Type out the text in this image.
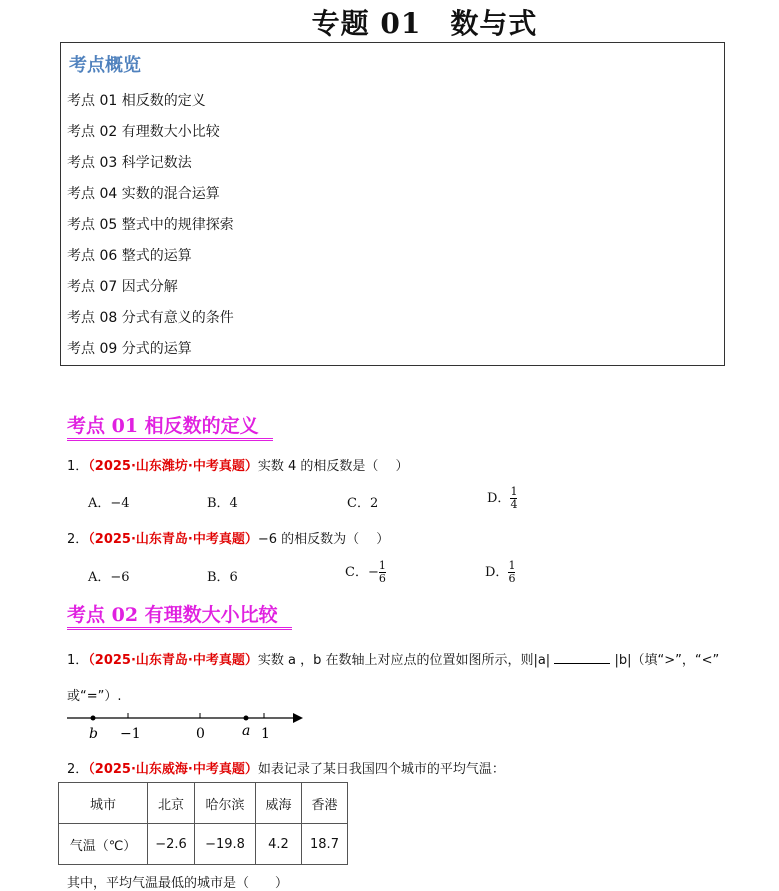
专题 01　数与式
考点概览
考点 01 相反数的定义
考点 02 有理数大小比较
考点 03 科学记数法
考点 04 实数的混合运算
考点 05 整式中的规律探索
考点 06 整式的运算
考点 07 因式分解
考点 08 分式有意义的条件
考点 09 分式的运算
考点 01 相反数的定义
1．（2025·山东潍坊·中考真题）实数 4 的相反数是（　 ）
A．−4	B．4	C．2	D． $\frac{1}{4}$
2．（2025·山东青岛·中考真题）−6 的相反数为（　 ）
A．−6	B．6	C．− $\frac{1}{6}$	D． $\frac{1}{6}$
考点 02 有理数大小比较
1．（2025·山东青岛·中考真题）实数 a ，b 在数轴上对应点的位置如图所示，则|a|	|b|（填“>”，“<”
或“=”）.
b −1	0	a 1
2．（2025·山东威海·中考真题）如表记录了某日我国四个城市的平均气温：
城市	北京	哈尔滨	威海	香港
气温（℃）	−2.6	−19.8	4.2	18.7
其中，平均气温最低的城市是（　　）
